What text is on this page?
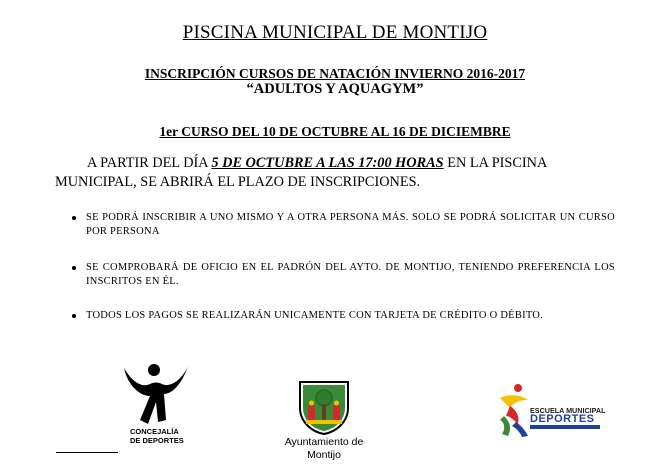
PISCINA MUNICIPAL DE MONTIJO
INSCRIPCIÓN CURSOS DE NATACIÓN INVIERNO 2016-2017
“ADULTOS Y AQUAGYM”
1er CURSO DEL 10 DE OCTUBRE AL 16 DE DICIEMBRE
A PARTIR DEL DÍA 5 DE OCTUBRE A LAS 17:00 HORAS EN LA PISCINA MUNICIPAL, SE ABRIRÁ EL PLAZO DE INSCRIPCIONES.
SE PODRÁ INSCRIBIR A UNO MISMO Y A OTRA PERSONA MÁS. SOLO SE PODRÁ SOLICITAR UN CURSO POR PERSONA
SE COMPROBARÁ DE OFICIO EN EL PADRÓN DEL AYTO. DE MONTIJO, TENIENDO PREFERENCIA LOS INSCRITOS EN ÉL.
TODOS LOS PAGOS SE REALIZARÁN UNICAMENTE CON TARJETA DE CRÉDITO O DÉBITO.
CONCEJALÍA
DE DEPORTES	Ayuntamiento de
Montijo
ESCUELA MUNICIPAL
DEPORTES
